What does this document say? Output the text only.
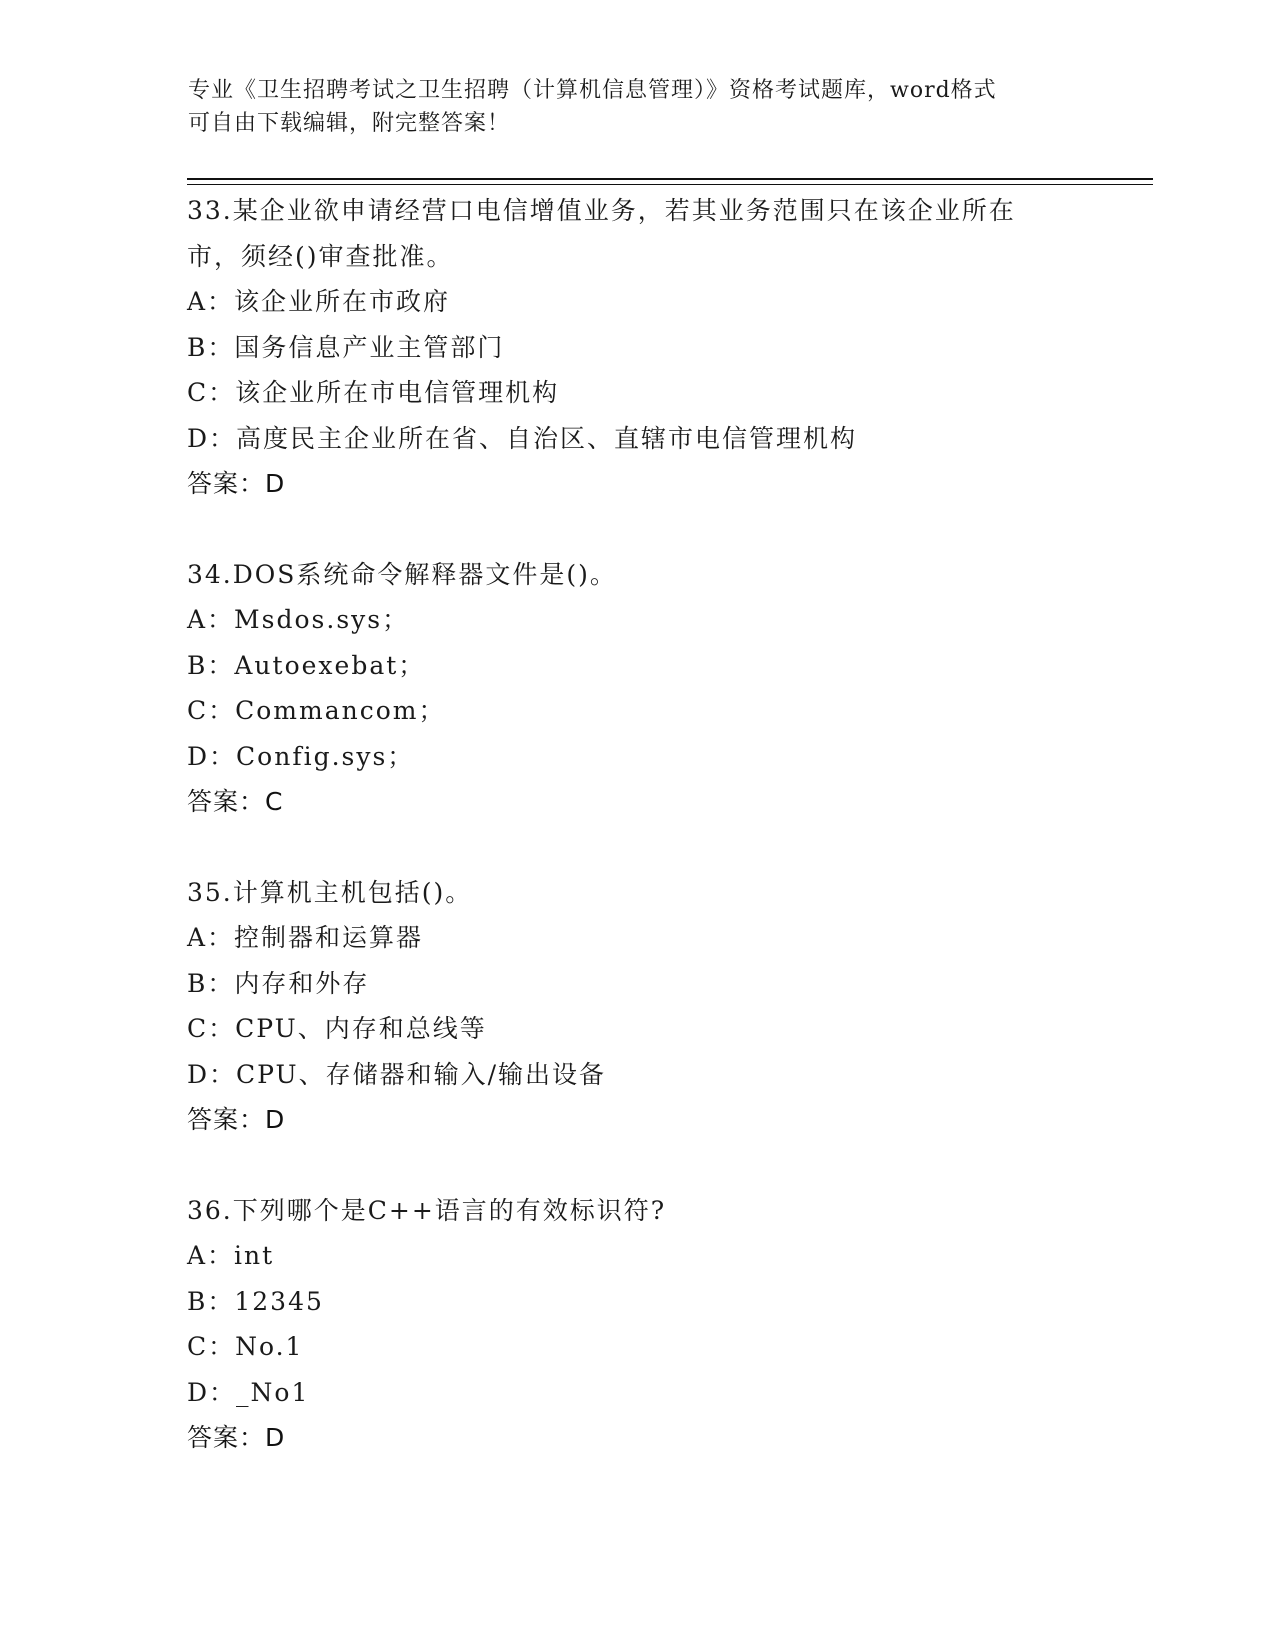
专业《卫生招聘考试之卫生招聘（计算机信息管理）》资格考试题库，word格式
可自由下载编辑，附完整答案！
33.某企业欲申请经营口电信增值业务，若其业务范围只在该企业所在
市，须经()审查批准。
A：该企业所在市政府
B：国务信息产业主管部门
C：该企业所在市电信管理机构
D：高度民主企业所在省、自治区、直辖市电信管理机构
答案：D
34.DOS系统命令解释器文件是()。
A：Msdos.sys；
B：Autoexebat；
C：Commancom；
D：Config.sys；
答案：C
35.计算机主机包括()。
A：控制器和运算器
B：内存和外存
C：CPU、内存和总线等
D：CPU、存储器和输入/输出设备
答案：D
36.下列哪个是C++语言的有效标识符?
A：int
B：12345
C：No.1
D：_No1
答案：D
